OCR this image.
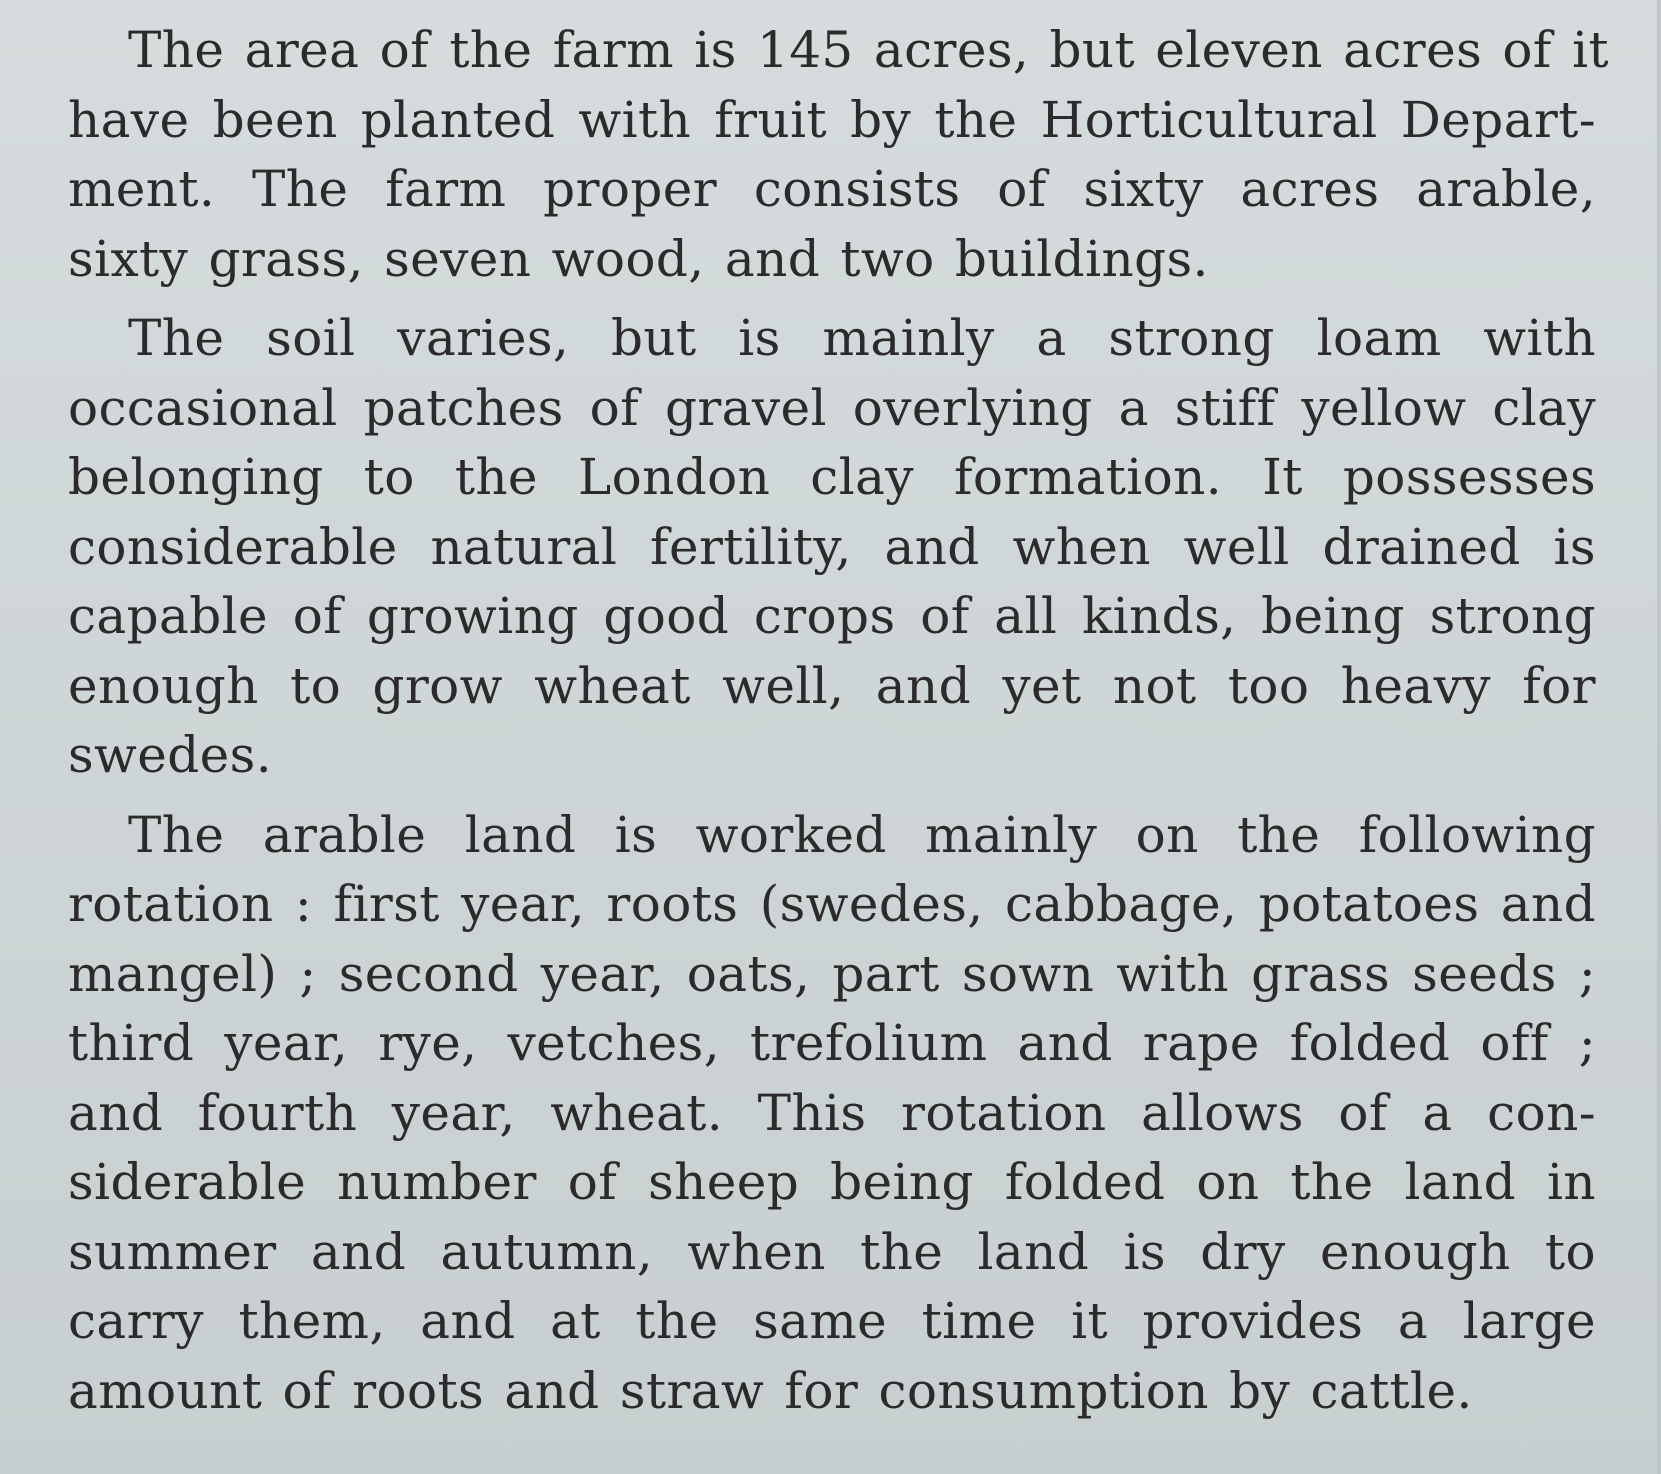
The area of the farm is 145 acres, but eleven acres of it
have been planted with fruit by the Horticultural Depart-
ment. The farm proper consists of sixty acres arable,
sixty grass, seven wood, and two buildings.
The soil varies, but is mainly a strong loam with
occasional patches of gravel overlying a stiff yellow clay
belonging to the London clay formation. It possesses
considerable natural fertility, and when well drained is
capable of growing good crops of all kinds, being strong
enough to grow wheat well, and yet not too heavy for
swedes.
The arable land is worked mainly on the following
rotation : first year, roots (swedes, cabbage, potatoes and
mangel) ; second year, oats, part sown with grass seeds ;
third year, rye, vetches, trefolium and rape folded off ;
and fourth year, wheat. This rotation allows of a con-
siderable number of sheep being folded on the land in
summer and autumn, when the land is dry enough to
carry them, and at the same time it provides a large
amount of roots and straw for consumption by cattle.
